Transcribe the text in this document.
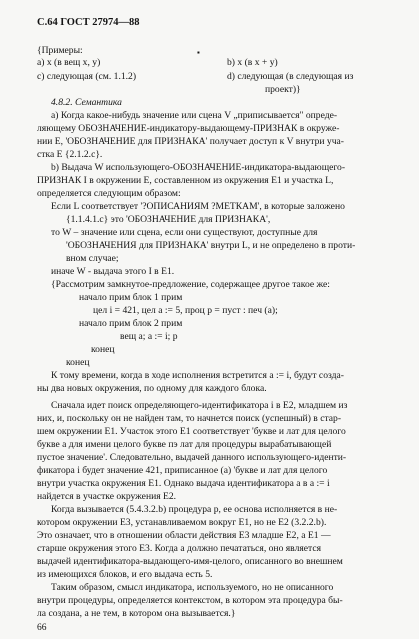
С.64 ГОСТ 27974—88
▪
{Примеры:
a) х (в вещ х, у)	b) x (в х + у)
с) следующая (см. 1.1.2)	d) следующая (в следующая из
проект)}
4.8.2. Семантика
а) Когда какое-нибудь значение или сцена V „приписывается" опреде-
ляющему ОБОЗНАЧЕНИЕ-индикатору-выдающему-ПРИЗНАК в окруже-
нии Е, 'ОБОЗНАЧЕНИЕ для ПРИЗНАКА' получает доступ к V внутри уча-
стка Е {2.1.2.с}.
b) Выдача W использующего-ОБОЗНАЧЕНИЕ-индикатора-выдающего-
ПРИЗНАК I в окружении Е, составленном из окружения Е1 и участка L,
определяется следующим образом:
Если L соответствует '?ОПИСАНИЯМ ?МЕТКАМ', в которые заложено
{1.1.4.1.с} это 'ОБОЗНАЧЕНИЕ для ПРИЗНАКА',
то W – значение или сцена, если они существуют, доступные для
'ОБОЗНАЧЕНИЯ для ПРИЗНАКА' внутри L, и не определено в проти-
вном случае;
иначе W - выдача этого I в Е1.
{Рассмотрим замкнутое-предложение, содержащее другое такое же:
начало прим блок 1 прим
цел i = 421, цел а := 5, проц р = пуст : печ (а);
начало прим блок 2 прим
вещ а; а := i; р
конец
конец
К тому времени, когда в ходе исполнения встретится а := i, будут созда-
ны два новых окружения, по одному для каждого блока.
Сначала идет поиск определяющего-идентификатора i в Е2, младшем из
них, и, поскольку он не найден там, то начнется поиск (успешный) в стар-
шем окружении Е1. Участок этого Е1 соответствует 'букве и лат для целого
букве а для имени целого букве пэ лат для процедуры вырабатывающей
пустое значение'. Следовательно, выдачей данного использующего-иденти-
фикатора i будет значение 421, приписанное (а) 'букве и лат для целого
внутри участка окружения Е1. Однако выдача идентификатора а в а := i
найдется в участке окружения Е2.
Когда вызывается (5.4.3.2.b) процедура р, ее основа исполняется в не-
котором окружении Е3, устанавливаемом вокруг Е1, но не Е2 (3.2.2.b).
Это означает, что в отношении области действия Е3 младше Е2, а Е1 —
старше окружения этого Е3. Когда а должно печататься, оно является
выдачей идентификатора-выдающего-имя-целого, описанного во внешнем
из имеющихся блоков, и его выдача есть 5.
Таким образом, смысл индикатора, используемого, но не описанного
внутри процедуры, определяется контекстом, в котором эта процедура бы-
ла создана, а не тем, в котором она вызывается.}
66
